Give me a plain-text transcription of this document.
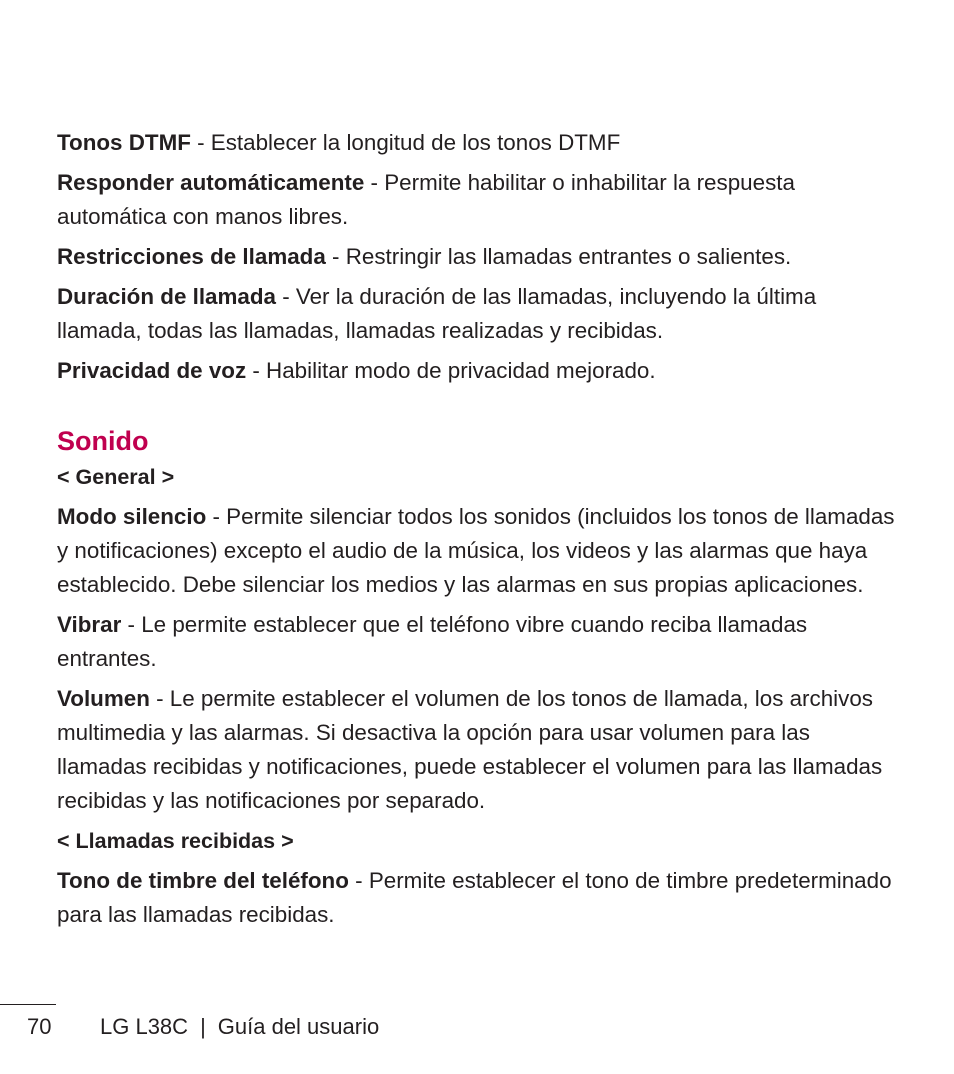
Tonos DTMF - Establecer la longitud de los tonos DTMF

Responder automáticamente - Permite habilitar o inhabilitar la respuesta automática con manos libres.

Restricciones de llamada - Restringir las llamadas entrantes o salientes.

Duración de llamada - Ver la duración de las llamadas, incluyendo la última llamada, todas las llamadas, llamadas realizadas y recibidas.

Privacidad de voz - Habilitar modo de privacidad mejorado.

Sonido
< General >

Modo silencio - Permite silenciar todos los sonidos (incluidos los tonos de llamadas y notificaciones) excepto el audio de la música, los videos y las alarmas que haya establecido. Debe silenciar los medios y las alarmas en sus propias aplicaciones.

Vibrar - Le permite establecer que el teléfono vibre cuando reciba llamadas entrantes.

Volumen - Le permite establecer el volumen de los tonos de llamada, los archivos multimedia y las alarmas. Si desactiva la opción para usar volumen para las llamadas recibidas y notificaciones, puede establecer el volumen para las llamadas recibidas y las notificaciones por separado.

< Llamadas recibidas >

Tono de timbre del teléfono - Permite establecer el tono de timbre predeterminado para las llamadas recibidas.

70 LG L38C | Guía del usuario
